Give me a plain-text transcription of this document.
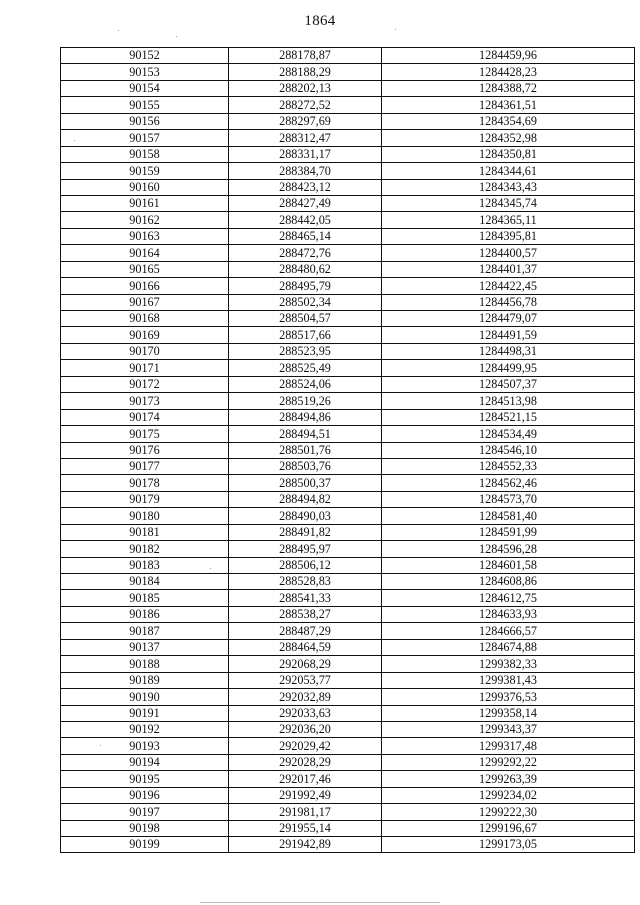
1864
90152	288178,87	1284459,96
90153	288188,29	1284428,23
90154	288202,13	1284388,72
90155	288272,52	1284361,51
90156	288297,69	1284354,69
90157	288312,47	1284352,98
90158	288331,17	1284350,81
90159	288384,70	1284344,61
90160	288423,12	1284343,43
90161	288427,49	1284345,74
90162	288442,05	1284365,11
90163	288465,14	1284395,81
90164	288472,76	1284400,57
90165	288480,62	1284401,37
90166	288495,79	1284422,45
90167	288502,34	1284456,78
90168	288504,57	1284479,07
90169	288517,66	1284491,59
90170	288523,95	1284498,31
90171	288525,49	1284499,95
90172	288524,06	1284507,37
90173	288519,26	1284513,98
90174	288494,86	1284521,15
90175	288494,51	1284534,49
90176	288501,76	1284546,10
90177	288503,76	1284552,33
90178	288500,37	1284562,46
90179	288494,82	1284573,70
90180	288490,03	1284581,40
90181	288491,82	1284591,99
90182	288495,97	1284596,28
90183	288506,12	1284601,58
90184	288528,83	1284608,86
90185	288541,33	1284612,75
90186	288538,27	1284633,93
90187	288487,29	1284666,57
90137	288464,59	1284674,88
90188	292068,29	1299382,33
90189	292053,77	1299381,43
90190	292032,89	1299376,53
90191	292033,63	1299358,14
90192	292036,20	1299343,37
90193	292029,42	1299317,48
90194	292028,29	1299292,22
90195	292017,46	1299263,39
90196	291992,49	1299234,02
90197	291981,17	1299222,30
90198	291955,14	1299196,67
90199	291942,89	1299173,05
